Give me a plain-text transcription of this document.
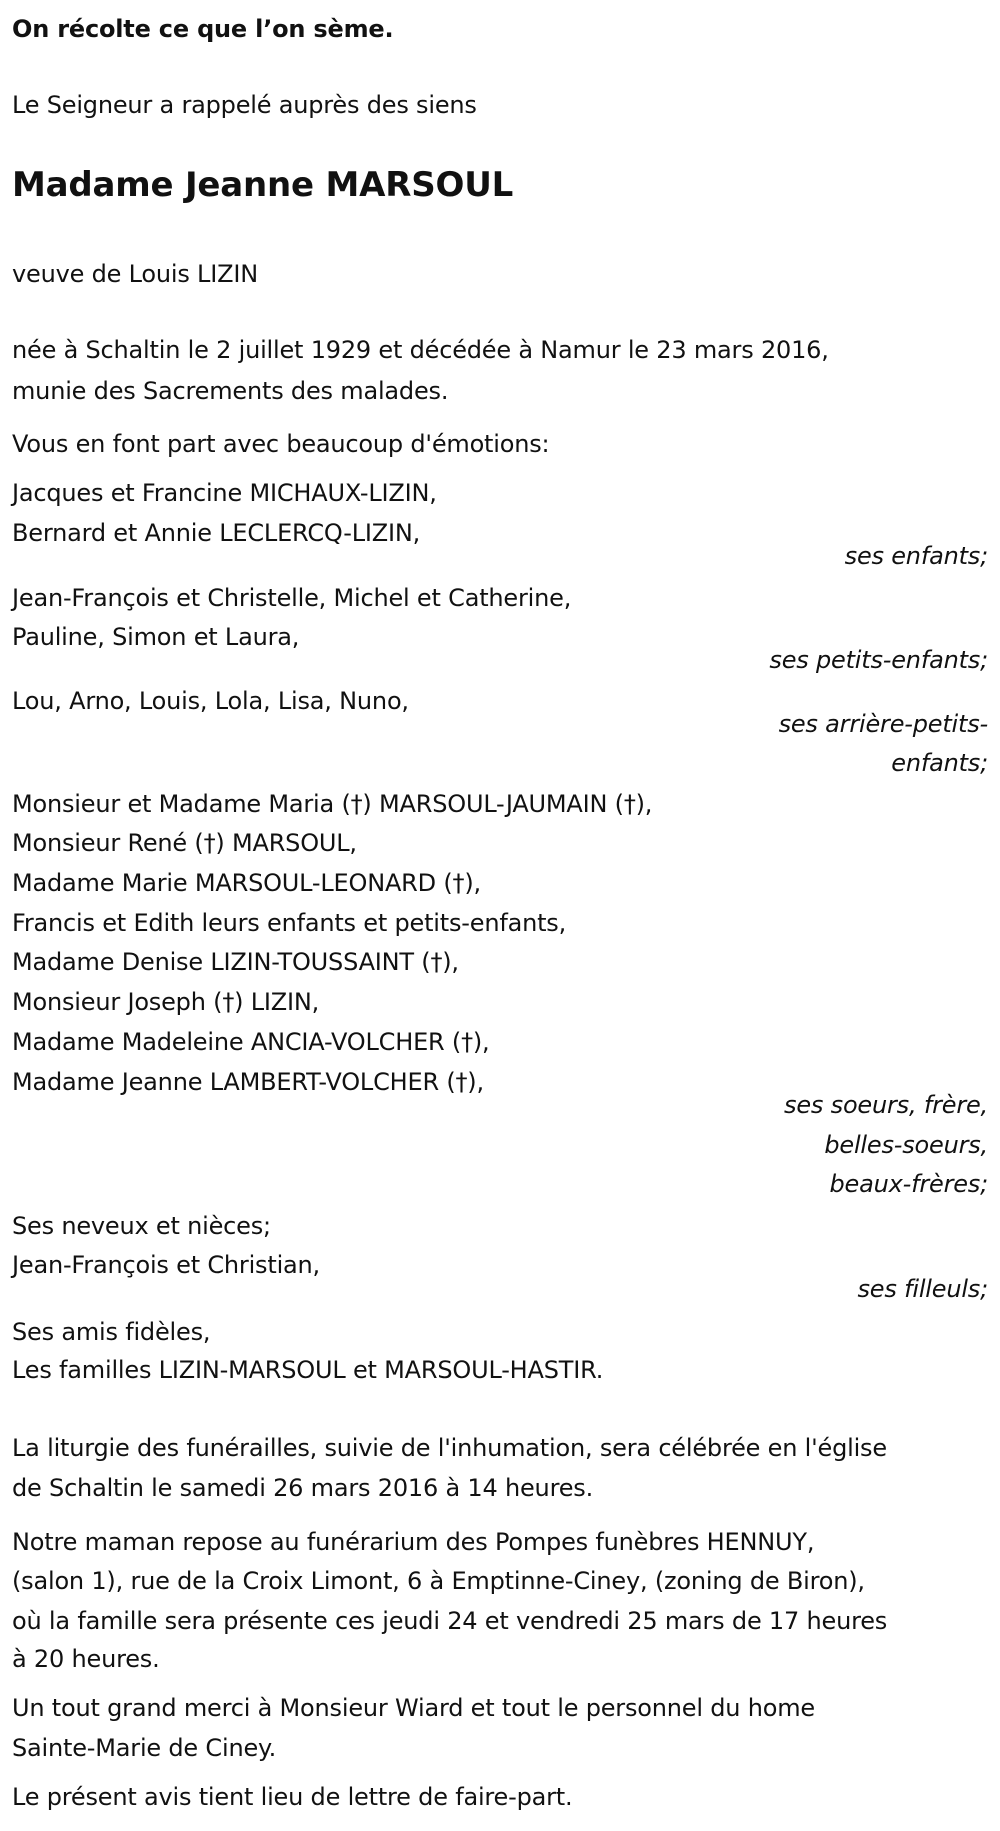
On récolte ce que l’on sème.
Le Seigneur a rappelé auprès des siens
Madame Jeanne MARSOUL
veuve de Louis LIZIN
née à Schaltin le 2 juillet 1929 et décédée à Namur le 23 mars 2016,
munie des Sacrements des malades.
Vous en font part avec beaucoup d'émotions:
Jacques et Francine MICHAUX-LIZIN,
Bernard et Annie LECLERCQ-LIZIN,
ses enfants;
Jean-François et Christelle, Michel et Catherine,
Pauline, Simon et Laura,
ses petits-enfants;
Lou, Arno, Louis, Lola, Lisa, Nuno,
ses arrière-petits-
enfants;
Monsieur et Madame Maria (†) MARSOUL-JAUMAIN (†),
Monsieur René (†) MARSOUL,
Madame Marie MARSOUL-LEONARD (†),
Francis et Edith leurs enfants et petits-enfants,
Madame Denise LIZIN-TOUSSAINT (†),
Monsieur Joseph (†) LIZIN,
Madame Madeleine ANCIA-VOLCHER (†),
Madame Jeanne LAMBERT-VOLCHER (†),
ses soeurs, frère,
belles-soeurs,
beaux-frères;
Ses neveux et nièces;
Jean-François et Christian,
ses filleuls;
Ses amis fidèles,
Les familles LIZIN-MARSOUL et MARSOUL-HASTIR.
La liturgie des funérailles, suivie de l'inhumation, sera célébrée en l'église
de Schaltin le samedi 26 mars 2016 à 14 heures.
Notre maman repose au funérarium des Pompes funèbres HENNUY,
(salon 1), rue de la Croix Limont, 6 à Emptinne-Ciney, (zoning de Biron),
où la famille sera présente ces jeudi 24 et vendredi 25 mars de 17 heures
à 20 heures.
Un tout grand merci à Monsieur Wiard et tout le personnel du home
Sainte-Marie de Ciney.
Le présent avis tient lieu de lettre de faire-part.
